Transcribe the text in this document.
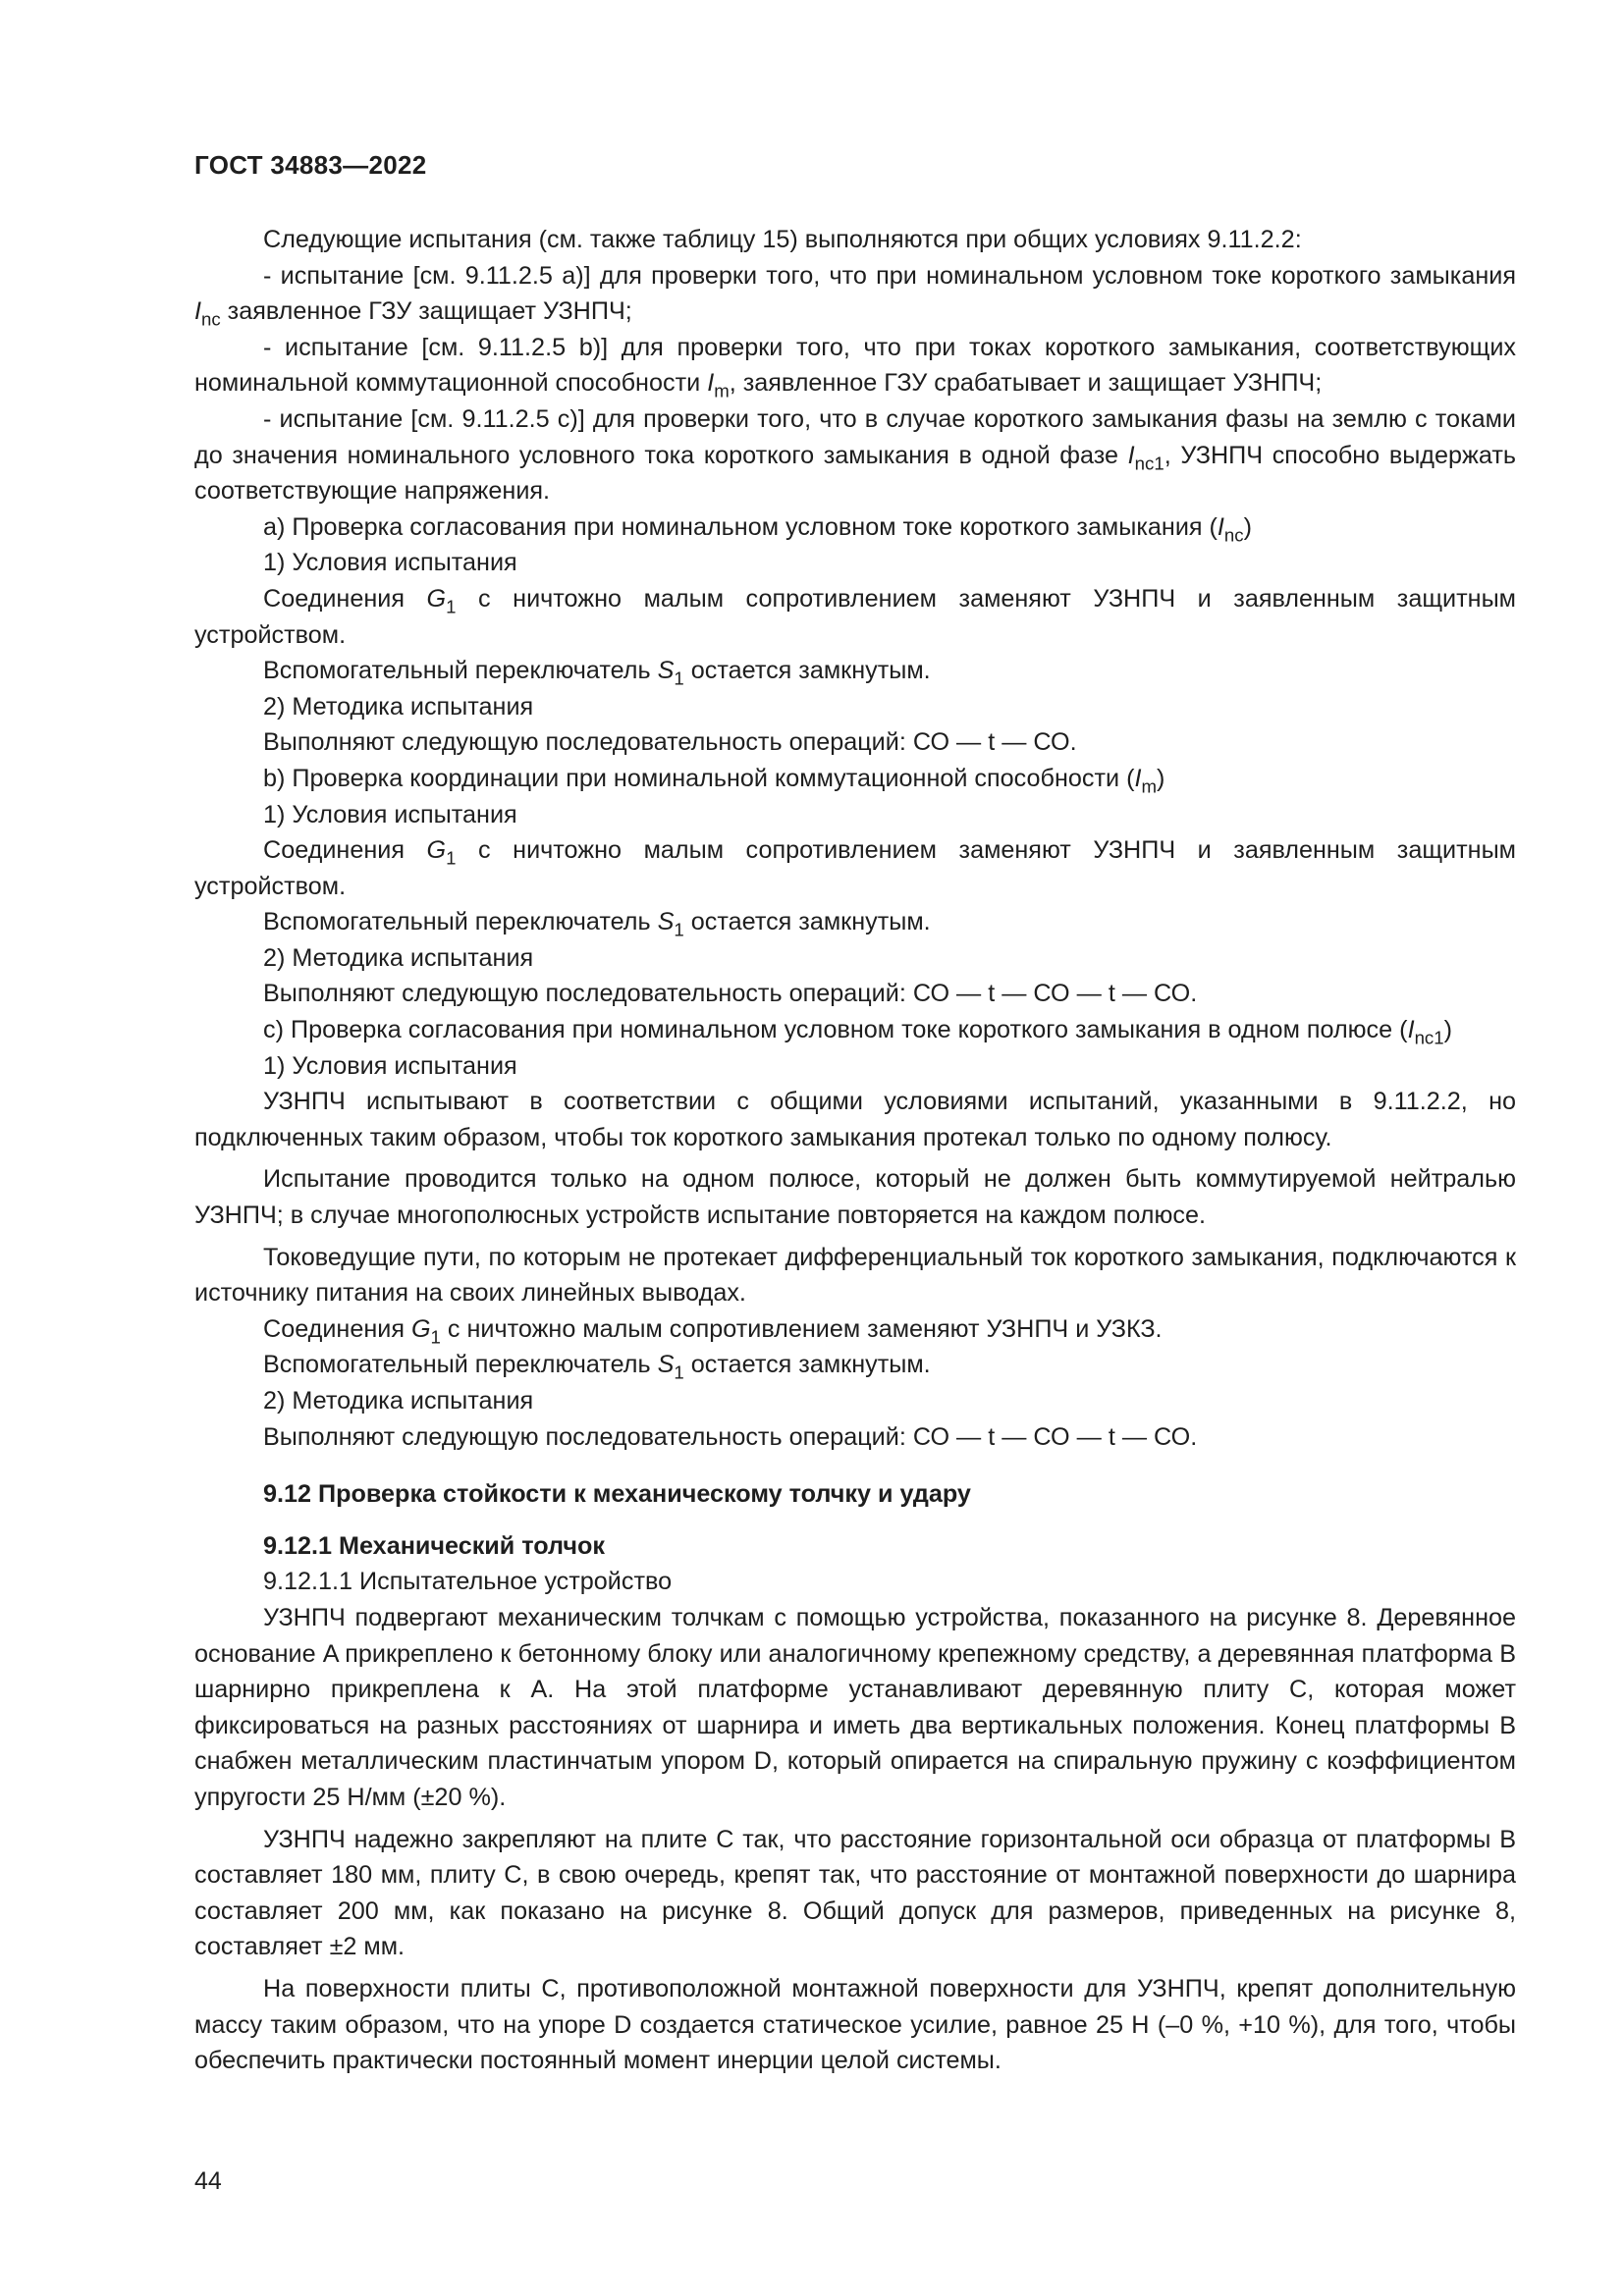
ГОСТ 34883—2022

Следующие испытания (см. также таблицу 15) выполняются при общих условиях 9.11.2.2:

- испытание [см. 9.11.2.5 a)] для проверки того, что при номинальном условном токе короткого замыкания $I_{nc}$ заявленное ГЗУ защищает УЗНПЧ;

- испытание [см. 9.11.2.5 b)] для проверки того, что при токах короткого замыкания, соответствующих номинальной коммутационной способности $I_m$, заявленное ГЗУ срабатывает и защищает УЗНПЧ;

- испытание [см. 9.11.2.5 c)] для проверки того, что в случае короткого замыкания фазы на землю с токами до значения номинального условного тока короткого замыкания в одной фазе $I_{nc1}$, УЗНПЧ способно выдержать соответствующие напряжения.

a) Проверка согласования при номинальном условном токе короткого замыкания $(I_{nc})$

1) Условия испытания

Соединения $G_1$ с ничтожно малым сопротивлением заменяют УЗНПЧ и заявленным защитным устройством.

Вспомогательный переключатель $S_1$ остается замкнутым.

2) Методика испытания

Выполняют следующую последовательность операций: СО — t — СО.

b) Проверка координации при номинальной коммутационной способности $(I_m)$

1) Условия испытания

Соединения $G_1$ с ничтожно малым сопротивлением заменяют УЗНПЧ и заявленным защитным устройством.

Вспомогательный переключатель $S_1$ остается замкнутым.

2) Методика испытания

Выполняют следующую последовательность операций: СО — t — СО — t — СО.

c) Проверка согласования при номинальном условном токе короткого замыкания в одном полюсе $(I_{nc1})$

1) Условия испытания

УЗНПЧ испытывают в соответствии с общими условиями испытаний, указанными в 9.11.2.2, но подключенных таким образом, чтобы ток короткого замыкания протекал только по одному полюсу.

Испытание проводится только на одном полюсе, который не должен быть коммутируемой нейтралью УЗНПЧ; в случае многополюсных устройств испытание повторяется на каждом полюсе.

Токоведущие пути, по которым не протекает дифференциальный ток короткого замыкания, подключаются к источнику питания на своих линейных выводах.

Соединения $G_1$ с ничтожно малым сопротивлением заменяют УЗНПЧ и УЗКЗ.

Вспомогательный переключатель $S_1$ остается замкнутым.

2) Методика испытания

Выполняют следующую последовательность операций: СО — t — СО — t — СО.

9.12 Проверка стойкости к механическому толчку и удару

9.12.1 Механический толчок

9.12.1.1 Испытательное устройство

УЗНПЧ подвергают механическим толчкам с помощью устройства, показанного на рисунке 8. Деревянное основание A прикреплено к бетонному блоку или аналогичному крепежному средству, а деревянная платформа B шарнирно прикреплена к A. На этой платформе устанавливают деревянную плиту С, которая может фиксироваться на разных расстояниях от шарнира и иметь два вертикальных положения. Конец платформы B снабжен металлическим пластинчатым упором D, который опирается на спиральную пружину с коэффициентом упругости 25 Н/мм (±20 %).

УЗНПЧ надежно закрепляют на плите C так, что расстояние горизонтальной оси образца от платформы B составляет 180 мм, плиту C, в свою очередь, крепят так, что расстояние от монтажной поверхности до шарнира составляет 200 мм, как показано на рисунке 8. Общий допуск для размеров, приведенных на рисунке 8, составляет ±2 мм.

На поверхности плиты C, противоположной монтажной поверхности для УЗНПЧ, крепят дополнительную массу таким образом, что на упоре D создается статическое усилие, равное 25 Н (–0 %, +10 %), для того, чтобы обеспечить практически постоянный момент инерции целой системы.

44
